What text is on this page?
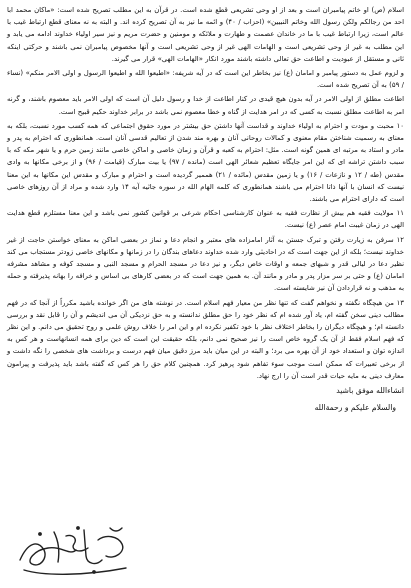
اسلام (ص) او خاتم پیامبران است و بعد از او وحی تشریعی قطع شده است. در قرآن به این مطلب تصریح شده است: «ماکان محمد ابا احد من رجالکم ولکن رسول الله وخاتم النبیین» (احزاب / ۴۰) و ائمه ما نیز به آن تصریح کرده اند. و البته به نه معنای قطع ارتباط غیب با عالم است، زیرا ارتباط غیب با ما در خاندان عصمت و طهارت و ملائکه و مومنین و حضرت مریم و نیز سیر اولیاء خداوند ادامه می یابد و این مطلب به غیر از وحی تشریعی است و الهامات الهی غیر از وحی تشریعی است و آنها مخصوص پیامبران نمی باشند و حرکتی اینکه ثانی و مستقل از عبودیت و اطاعت حق تعالی داشته باشند مورد انکار «الهامات الهی» قرار می گیرند.

و لزوم عمل به دستور پیامبر و امامان (ع) نیز بخاطر این است که در آیه شریفه: «اطیعوا الله و اطیعوا الرسول و اولی الامر منکم» (نساء / ۵۹) به آن تصریح شده است.

اطاعت مطلق از اولی الامر در آیه بدون هیچ قیدی در کنار اطاعت از خدا و رسول دلیل آن است که اولی الامر باید معصوم باشند، و گرنه امر به اطاعت مطلق نسبت به کسی که در امر هدایت از گناه و خطا معصوم نمی باشد در برابر خداوند حکیم قبیح است.

۱۰ محبت و مودت و احترام به اولیاء خداوند و قداست آنها داشتن حق بیشتر در مورد حقوق اجتماعی که همه کسب مورد نسبت، بلکه به معنای به رسمیت شناختن مقام معنوی و کمالات روحانی آنان و بهره مند شدن از تعالیم قدسی آنان است. همانطوری که احترام به پدر و مادر و استاد به مرتبه ای همین گونه است. مثل: احترام به کعبه و قرآن و زمان خاصی و اماکن خاصی مانند زمین حرم و یا شهر مکه که با سبب داشتن تراشه ای که این امر جایگاه تعظیم شعائر الهی است (مانده / ۹۷) یا بیت مبارک (قیامت / ۹۶) و از برخی مکانها به وادی مقدس (طه / ۱۲ و نازعات / ۱۶) و یا زمین مقدس (مائده / ۲۱) هممیر گردیده است و احترام و مبارک و مقدس این مکانها به این معنا نیست که انسان با آنها ذاتا احترام می باشند همانطوری که کلمه الهام الله در سوره جاثیه آیه ۱۴ وارد شده و مراد از آن روزهای خاصی است که دارای احترام می باشند.

۱۱ مولایت فقیه هم بیش از نظارت فقیه به عنوان کارشناسی احکام شرعی بر قوانین کشور نمی باشد و این معنا مستلزم قطع هدایت الهی در زمان غیبت امام عصر (ع) نیست.

۱۲ سرفن به زیارت رفتن و تبرک جستن به آثار امامزاده های معتبر و انجام دعا و نماز در بعضی اماکن به معنای خواستن حاجت از غیر خداوند نیست؛ بلکه از این جهت است که در احادیثی وارد شده خداوند دعاهای بندگان را در زمانها و مکانهای خاصی زودتر مستجاب می کند نظیر دعا در لیالی قدر و شبهای جمعه و اوقات خاص دیگر، و نیز دعا در مسجد الحرام و مسجد النبی و مسجد کوفه و مشاهد مشرفه امامان (ع) و حتی بر سر مزار پدر و مادر و مانند آن. به همین جهت است که در بعضی کارهای بی اساس و خرافه را بهانه پذیرفته و حمله به مذهب و نه قراردادن آن نیز شایسته است.

۱۳ من هیچگاه نگفته و نخواهم گفت که تنها نظر من معیار فهم اسلام است. در نوشته های من اگر خوانده باشید مکرراً از آنجا که در فهم مطالب دینی سخن گفته ام، یاد آور شده ام که نظر خود را حق مطلق ندانسته و به حق نزدیکی آن می اندیشم و آن را قابل نقد و بررسی دانسته ام؛ و هیچگاه دیگران را بخاطر اختلاف نظر با خود تکفیر نکرده ام و این امر را خلاف روش علمی و روح تحقیق می دانم. و این نظر که فهم اسلام فقط از آن یک گروه خاص است را نیز صحیح نمی دانم، بلکه حقیقت این است که دین برای همه انسانهاست و هر کس به اندازه توان و استعداد خود از آن بهره می برد؛ و البته در این میان باید مرز دقیق میان فهم درست و برداشت های شخصی را نگه داشت و از برخی تعبیرات که ممکن است موجب سوء تفاهم شود پرهیز کرد. همچنین کلام حق را هر کس که گفته باشد باید پذیرفت و پیرامون معارف دینی به مایه حیات قدر است آن را ارج نهاد.

انشاءالله موفق باشید

والسلام علیکم و رحمة‌الله
